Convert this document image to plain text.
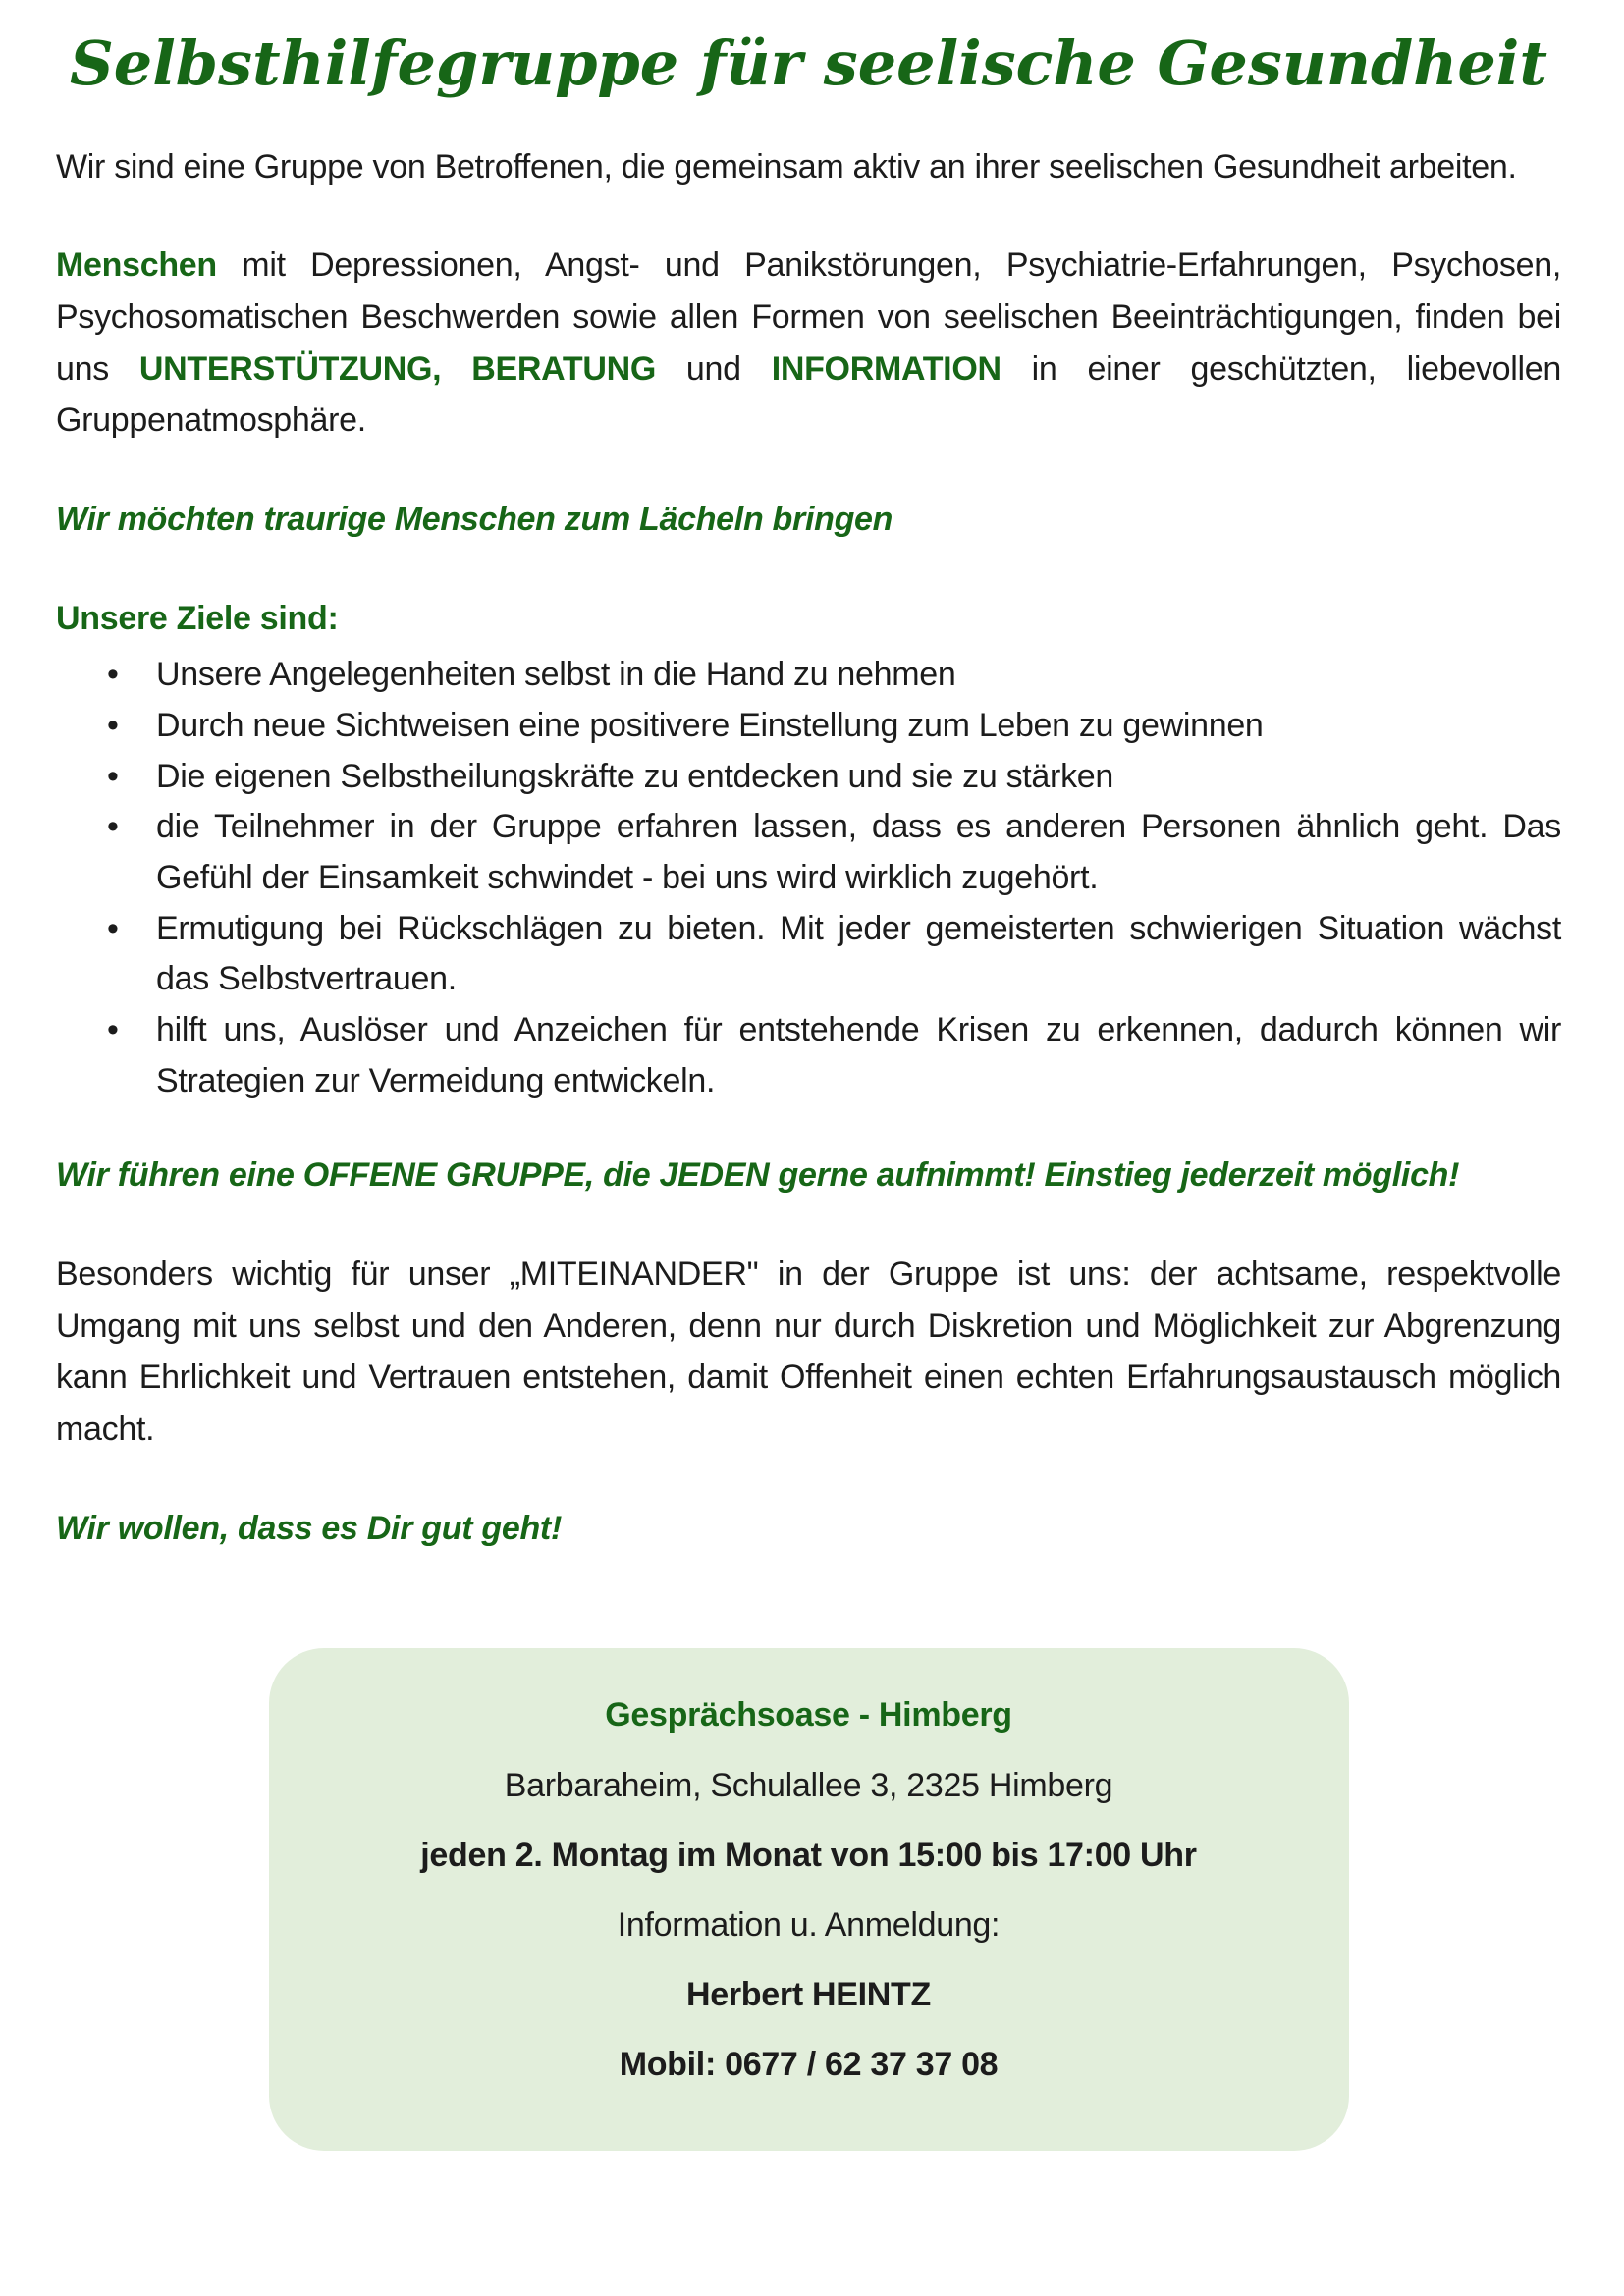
Selbsthilfegruppe für seelische Gesundheit

Wir sind eine Gruppe von Betroffenen, die gemeinsam aktiv an ihrer seelischen Gesundheit arbeiten.

Menschen mit Depressionen, Angst- und Panikstörungen, Psychiatrie-Erfahrungen, Psychosen, Psychosomatischen Beschwerden sowie allen Formen von seelischen Beeinträchtigungen, finden bei uns UNTERSTÜTZUNG, BERATUNG und INFORMATION in einer geschützten, liebevollen Gruppenatmosphäre.

Wir möchten traurige Menschen zum Lächeln bringen

Unsere Ziele sind:

• Unsere Angelegenheiten selbst in die Hand zu nehmen
• Durch neue Sichtweisen eine positivere Einstellung zum Leben zu gewinnen
• Die eigenen Selbstheilungskräfte zu entdecken und sie zu stärken
• die Teilnehmer in der Gruppe erfahren lassen, dass es anderen Personen ähnlich geht. Das Gefühl der Einsamkeit schwindet - bei uns wird wirklich zugehört.
• Ermutigung bei Rückschlägen zu bieten. Mit jeder gemeisterten schwierigen Situation wächst das Selbstvertrauen.
• hilft uns, Auslöser und Anzeichen für entstehende Krisen zu erkennen, dadurch können wir Strategien zur Vermeidung entwickeln.

Wir führen eine OFFENE GRUPPE, die JEDEN gerne aufnimmt! Einstieg jederzeit möglich!

Besonders wichtig für unser „MITEINANDER" in der Gruppe ist uns: der achtsame, respektvolle Umgang mit uns selbst und den Anderen, denn nur durch Diskretion und Möglichkeit zur Abgrenzung kann Ehrlichkeit und Vertrauen entstehen, damit Offenheit einen echten Erfahrungsaustausch möglich macht.

Wir wollen, dass es Dir gut geht!

Gesprächsoase - Himberg

Barbaraheim, Schulallee 3, 2325 Himberg

jeden 2. Montag im Monat von 15:00 bis 17:00 Uhr

Information u. Anmeldung:

Herbert HEINTZ

Mobil: 0677 / 62 37 37 08
